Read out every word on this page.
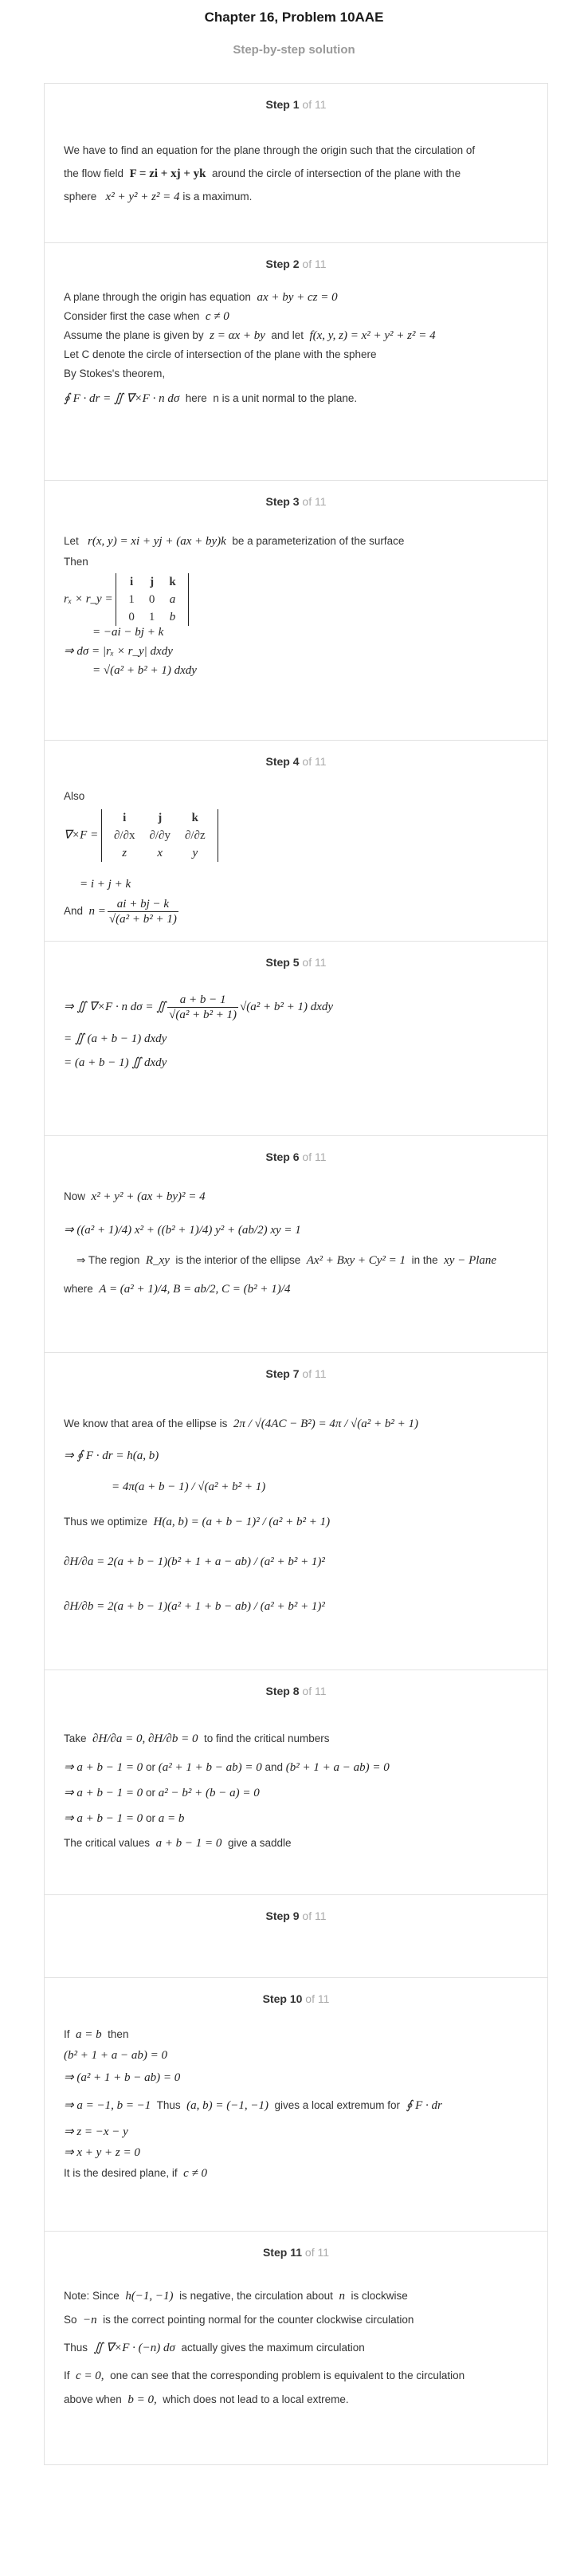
Chapter 16, Problem 10AAE
Step-by-step solution
Step 1 of 11
We have to find an equation for the plane through the origin such that the circulation of
the flow field F = zi + xj + yk around the circle of intersection of the plane with the
sphere x² + y² + z² = 4 is a maximum.
Step 2 of 11
A plane through the origin has equation ax + by + cz = 0
Consider first the case when c ≠ 0
Assume the plane is given by z = αx + by and let f(x, y, z) = x² + y² + z² = 4
Let C denote the circle of intersection of the plane with the sphere
By Stokes's theorem,
∮ F · dr = ∬ ∇×F · n dσ here n is a unit normal to the plane.
Step 3 of 11
Let r(x, y) = xi + yj + (ax + by)k be a parameterization of the surface
Then
rₓ × r_y =
i	j	k
1	0	a
0	1	b
= −ai − bj + k
⇒ dσ = |rₓ × r_y| dxdy
= √(a² + b² + 1) dxdy
Step 4 of 11
Also
∇×F =
i	j	k
∂/∂x	∂/∂y	∂/∂z
z	x	y
= i + j + k
And $n = \frac{ai + bj - k}{\text{√(a² + b² + 1)}}$
Step 5 of 11
⇒ ∬ ∇×F · n dσ = ∬ $\frac{a + b - 1}{\text{√(a² + b² + 1)}} √(a^2 + b^2 + 1)$ dxdy
= ∬ (a + b − 1) dxdy
= (a + b − 1) ∬ dxdy
Step 6 of 11
Now x² + y² + (ax + by)² = 4
⇒ ((a² + 1)/4) x² + ((b² + 1)/4) y² + (ab/2) xy = 1
⇒ The region R_xy is the interior of the ellipse Ax² + Bxy + Cy² = 1 in the xy − Plane
where A = (a² + 1)/4, B = ab/2, C = (b² + 1)/4
Step 7 of 11
We know that area of the ellipse is 2π / √(4AC − B²) = 4π / √(a² + b² + 1)
⇒ ∮ F · dr = h(a, b)
= 4π(a + b − 1) / √(a² + b² + 1)
Thus we optimize H(a, b) = (a + b − 1)² / (a² + b² + 1)
∂H/∂a = 2(a + b − 1)(b² + 1 + a − ab) / (a² + b² + 1)²
∂H/∂b = 2(a + b − 1)(a² + 1 + b − ab) / (a² + b² + 1)²
Step 8 of 11
Take ∂H/∂a = 0, ∂H/∂b = 0 to find the critical numbers
⇒ a + b − 1 = 0 or (a² + 1 + b − ab) = 0 and (b² + 1 + a − ab) = 0
⇒ a + b − 1 = 0 or a² − b² + (b − a) = 0
⇒ a + b − 1 = 0 or a = b
The critical values a + b − 1 = 0 give a saddle
Step 9 of 11
Step 10 of 11
If a = b then
(b² + 1 + a − ab) = 0
⇒ (a² + 1 + b − ab) = 0
⇒ a = −1, b = −1 Thus (a, b) = (−1, −1) gives a local extremum for ∮ F · dr
⇒ z = −x − y
⇒ x + y + z = 0
It is the desired plane, if c ≠ 0
Step 11 of 11
Note: Since h(−1, −1) is negative, the circulation about n is clockwise
So −n is the correct pointing normal for the counter clockwise circulation
Thus ∬ ∇×F · (−n) dσ actually gives the maximum circulation
If c = 0, one can see that the corresponding problem is equivalent to the circulation
above when b = 0, which does not lead to a local extreme.
